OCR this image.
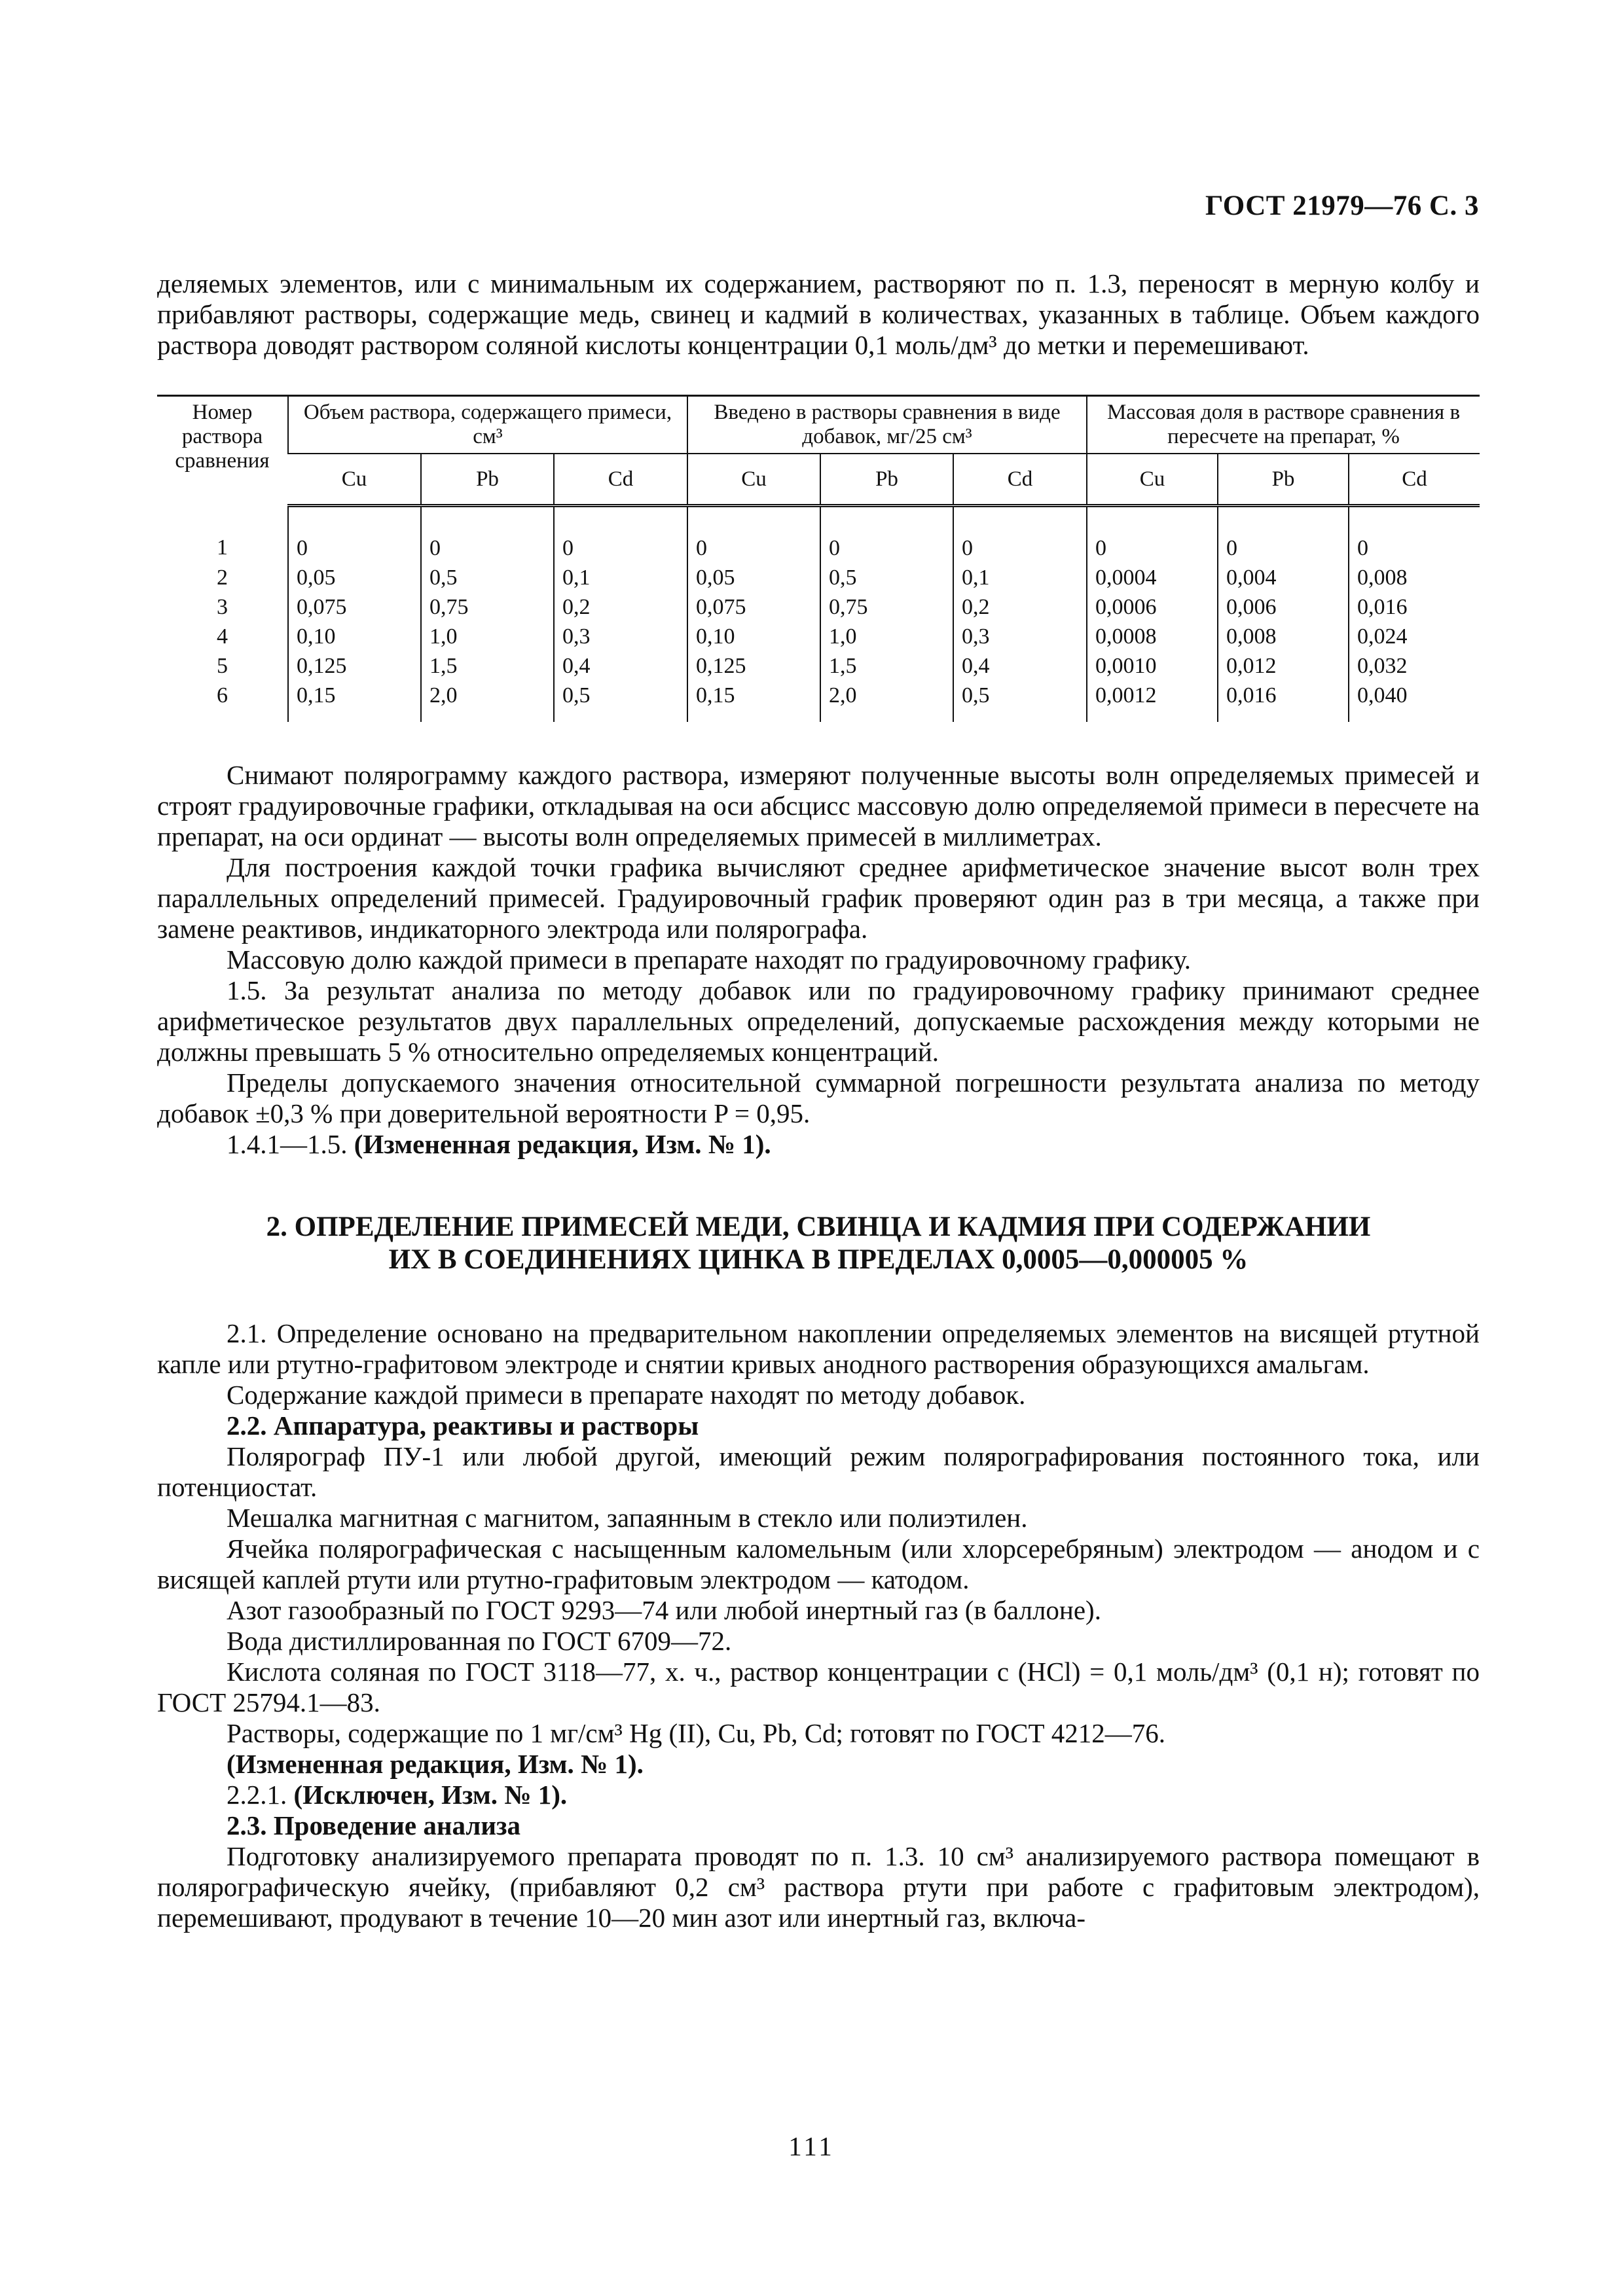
ГОСТ 21979—76 С. 3

деляемых элементов, или с минимальным их содержанием, растворяют по п. 1.3, переносят в мерную колбу и прибавляют растворы, содержащие медь, свинец и кадмий в количествах, указанных в таблице. Объем каждого раствора доводят раствором соляной кислоты концентрации 0,1 моль/дм³ до метки и перемешивают.

Номер раствора сравнения	Объем раствора, содержащего примеси, см³			Введено в растворы сравнения в виде добавок, мг/25 см³			Массовая доля в растворе сравнения в пересчете на препарат, %		
	Cu	Pb	Cd	Cu	Pb	Cd	Cu	Pb	Cd
1	0	0	0	0	0	0	0	0	0
2	0,05	0,5	0,1	0,05	0,5	0,1	0,0004	0,004	0,008
3	0,075	0,75	0,2	0,075	0,75	0,2	0,0006	0,006	0,016
4	0,10	1,0	0,3	0,10	1,0	0,3	0,0008	0,008	0,024
5	0,125	1,5	0,4	0,125	1,5	0,4	0,0010	0,012	0,032
6	0,15	2,0	0,5	0,15	2,0	0,5	0,0012	0,016	0,040

Снимают полярограмму каждого раствора, измеряют полученные высоты волн определяемых примесей и строят градуировочные графики, откладывая на оси абсцисс массовую долю определяемой примеси в пересчете на препарат, на оси ординат — высоты волн определяемых примесей в миллиметрах.

Для построения каждой точки графика вычисляют среднее арифметическое значение высот волн трех параллельных определений примесей. Градуировочный график проверяют один раз в три месяца, а также при замене реактивов, индикаторного электрода или полярографа.

Массовую долю каждой примеси в препарате находят по градуировочному графику.

1.5. За результат анализа по методу добавок или по градуировочному графику принимают среднее арифметическое результатов двух параллельных определений, допускаемые расхождения между которыми не должны превышать 5 % относительно определяемых концентраций.

Пределы допускаемого значения относительной суммарной погрешности результата анализа по методу добавок ±0,3 % при доверительной вероятности P = 0,95.

1.4.1—1.5. (Измененная редакция, Изм. № 1).

2. ОПРЕДЕЛЕНИЕ ПРИМЕСЕЙ МЕДИ, СВИНЦА И КАДМИЯ ПРИ СОДЕРЖАНИИ
ИХ В СОЕДИНЕНИЯХ ЦИНКА В ПРЕДЕЛАХ 0,0005—0,000005 %

2.1. Определение основано на предварительном накоплении определяемых элементов на висящей ртутной капле или ртутно-графитовом электроде и снятии кривых анодного растворения образующихся амальгам.

Содержание каждой примеси в препарате находят по методу добавок.

2.2. Аппаратура, реактивы и растворы

Полярограф ПУ-1 или любой другой, имеющий режим полярографирования постоянного тока, или потенциостат.

Мешалка магнитная с магнитом, запаянным в стекло или полиэтилен.

Ячейка полярографическая с насыщенным каломельным (или хлорсеребряным) электродом — анодом и с висящей каплей ртути или ртутно-графитовым электродом — катодом.

Азот газообразный по ГОСТ 9293—74 или любой инертный газ (в баллоне).

Вода дистиллированная по ГОСТ 6709—72.

Кислота соляная по ГОСТ 3118—77, х. ч., раствор концентрации c (HCl) = 0,1 моль/дм³ (0,1 н); готовят по ГОСТ 25794.1—83.

Растворы, содержащие по 1 мг/см³ Hg (II), Cu, Pb, Cd; готовят по ГОСТ 4212—76.

(Измененная редакция, Изм. № 1).

2.2.1. (Исключен, Изм. № 1).

2.3. Проведение анализа

Подготовку анализируемого препарата проводят по п. 1.3. 10 см³ анализируемого раствора помещают в полярографическую ячейку, (прибавляют 0,2 см³ раствора ртути при работе с графитовым электродом), перемешивают, продувают в течение 10—20 мин азот или инертный газ, включа-

111
